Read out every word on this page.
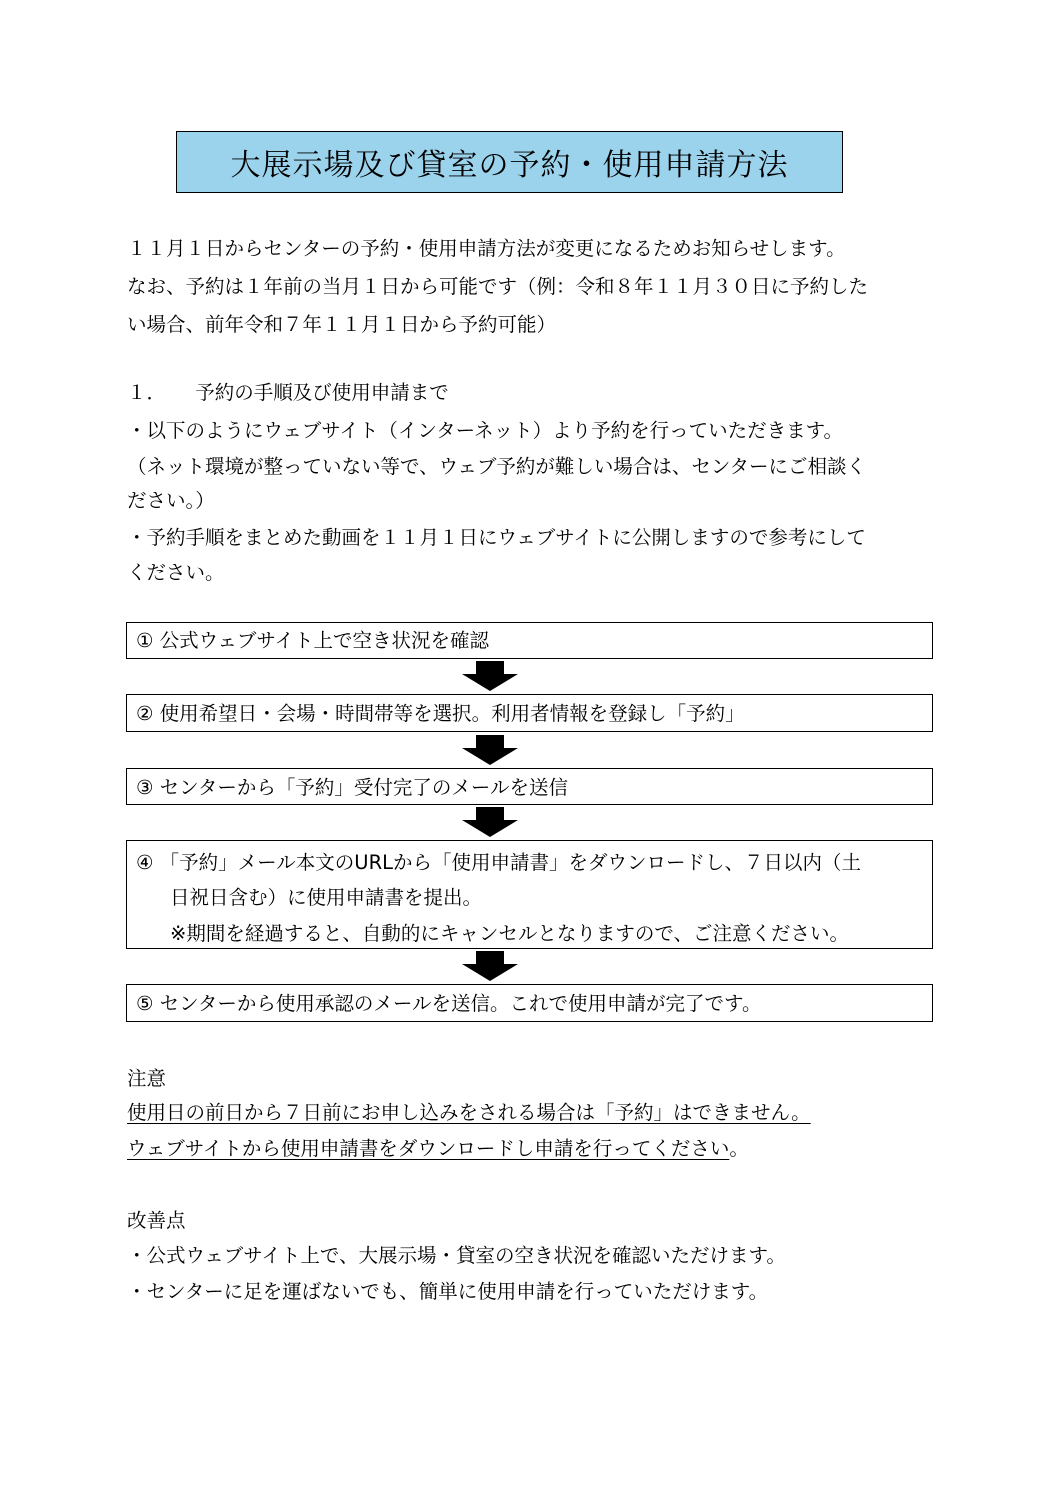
大展示場及び貸室の予約・使用申請方法
１１月１日からセンターの予約・使用申請方法が変更になるためお知らせします。
なお、予約は１年前の当月１日から可能です（例：令和８年１１月３０日に予約した
い場合、前年令和７年１１月１日から予約可能）
１．　　予約の手順及び使用申請まで
・以下のようにウェブサイト（インターネット）より予約を行っていただきます。
（ネット環境が整っていない等で、ウェブ予約が難しい場合は、センターにご相談く
ださい。）
・予約手順をまとめた動画を１１月１日にウェブサイトに公開しますので参考にして
ください。
① 公式ウェブサイト上で空き状況を確認
② 使用希望日・会場・時間帯等を選択。利用者情報を登録し「予約」
③ センターから「予約」受付完了のメールを送信
④ 「予約」メール本文のURLから「使用申請書」をダウンロードし、７日以内（土
日祝日含む）に使用申請書を提出。
※期間を経過すると、自動的にキャンセルとなりますので、ご注意ください。
⑤ センターから使用承認のメールを送信。これで使用申請が完了です。
注意
使用日の前日から７日前にお申し込みをされる場合は「予約」はできません。
ウェブサイトから使用申請書をダウンロードし申請を行ってください。
改善点
・公式ウェブサイト上で、大展示場・貸室の空き状況を確認いただけます。
・センターに足を運ばないでも、簡単に使用申請を行っていただけます。
